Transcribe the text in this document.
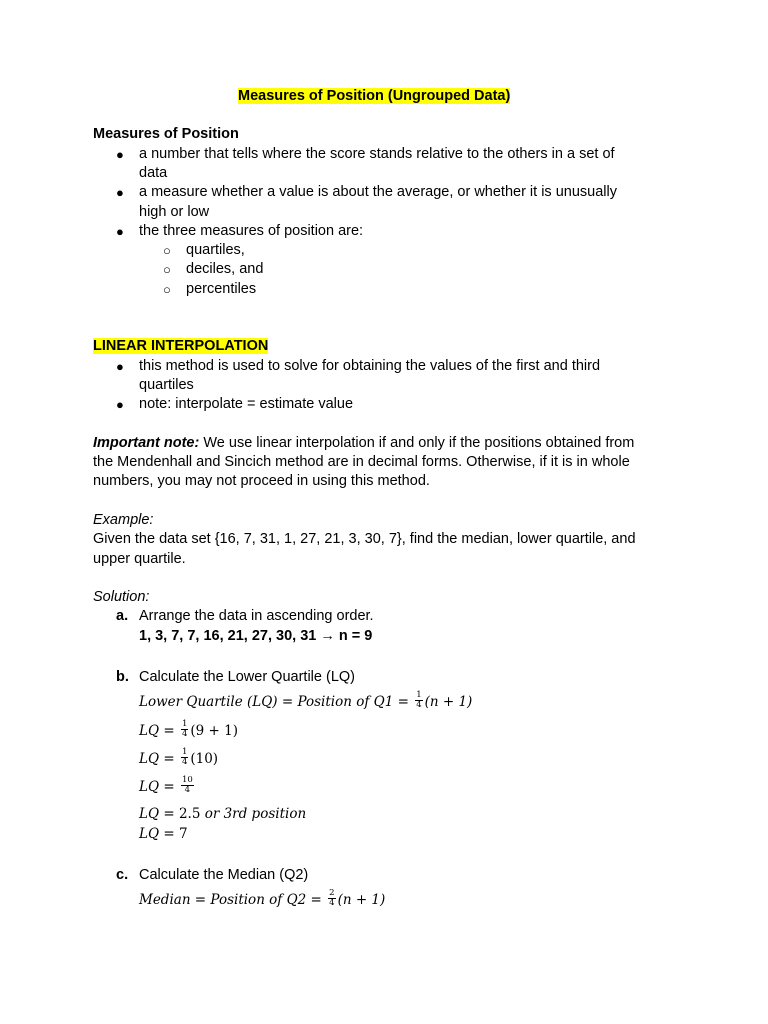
Measures of Position (Ungrouped Data)
Measures of Position
● a number that tells where the score stands relative to the others in a set of
data
● a measure whether a value is about the average, or whether it is unusually
high or low
● the three measures of position are:
○ quartiles,
○ deciles, and
○ percentiles
LINEAR INTERPOLATION
● this method is used to solve for obtaining the values of the first and third
quartiles
● note: interpolate = estimate value
Important note: We use linear interpolation if and only if the positions obtained from
the Mendenhall and Sincich method are in decimal forms. Otherwise, if it is in whole
numbers, you may not proceed in using this method.
Example:
Given the data set {16, 7, 31, 1, 27, 21, 3, 30, 7}, find the median, lower quartile, and
upper quartile.
Solution:
a. Arrange the data in ascending order.
1, 3, 7, 7, 16, 21, 27, 30, 31 → n = 9
b. Calculate the Lower Quartile (LQ)
Lower Quartile (LQ) = Position of $Q1 = \frac{1}{4} (n + 1)$
LQ = $\frac{1}{4} (9 + 1)$
LQ = $\frac{1}{4} (10)$
LQ = $\frac{10}{4}$
LQ = 2.5 or 3rd position
LQ = 7
c. Calculate the Median (Q2)
Median = Position of $Q2 = \frac{2}{4} (n + 1)$
